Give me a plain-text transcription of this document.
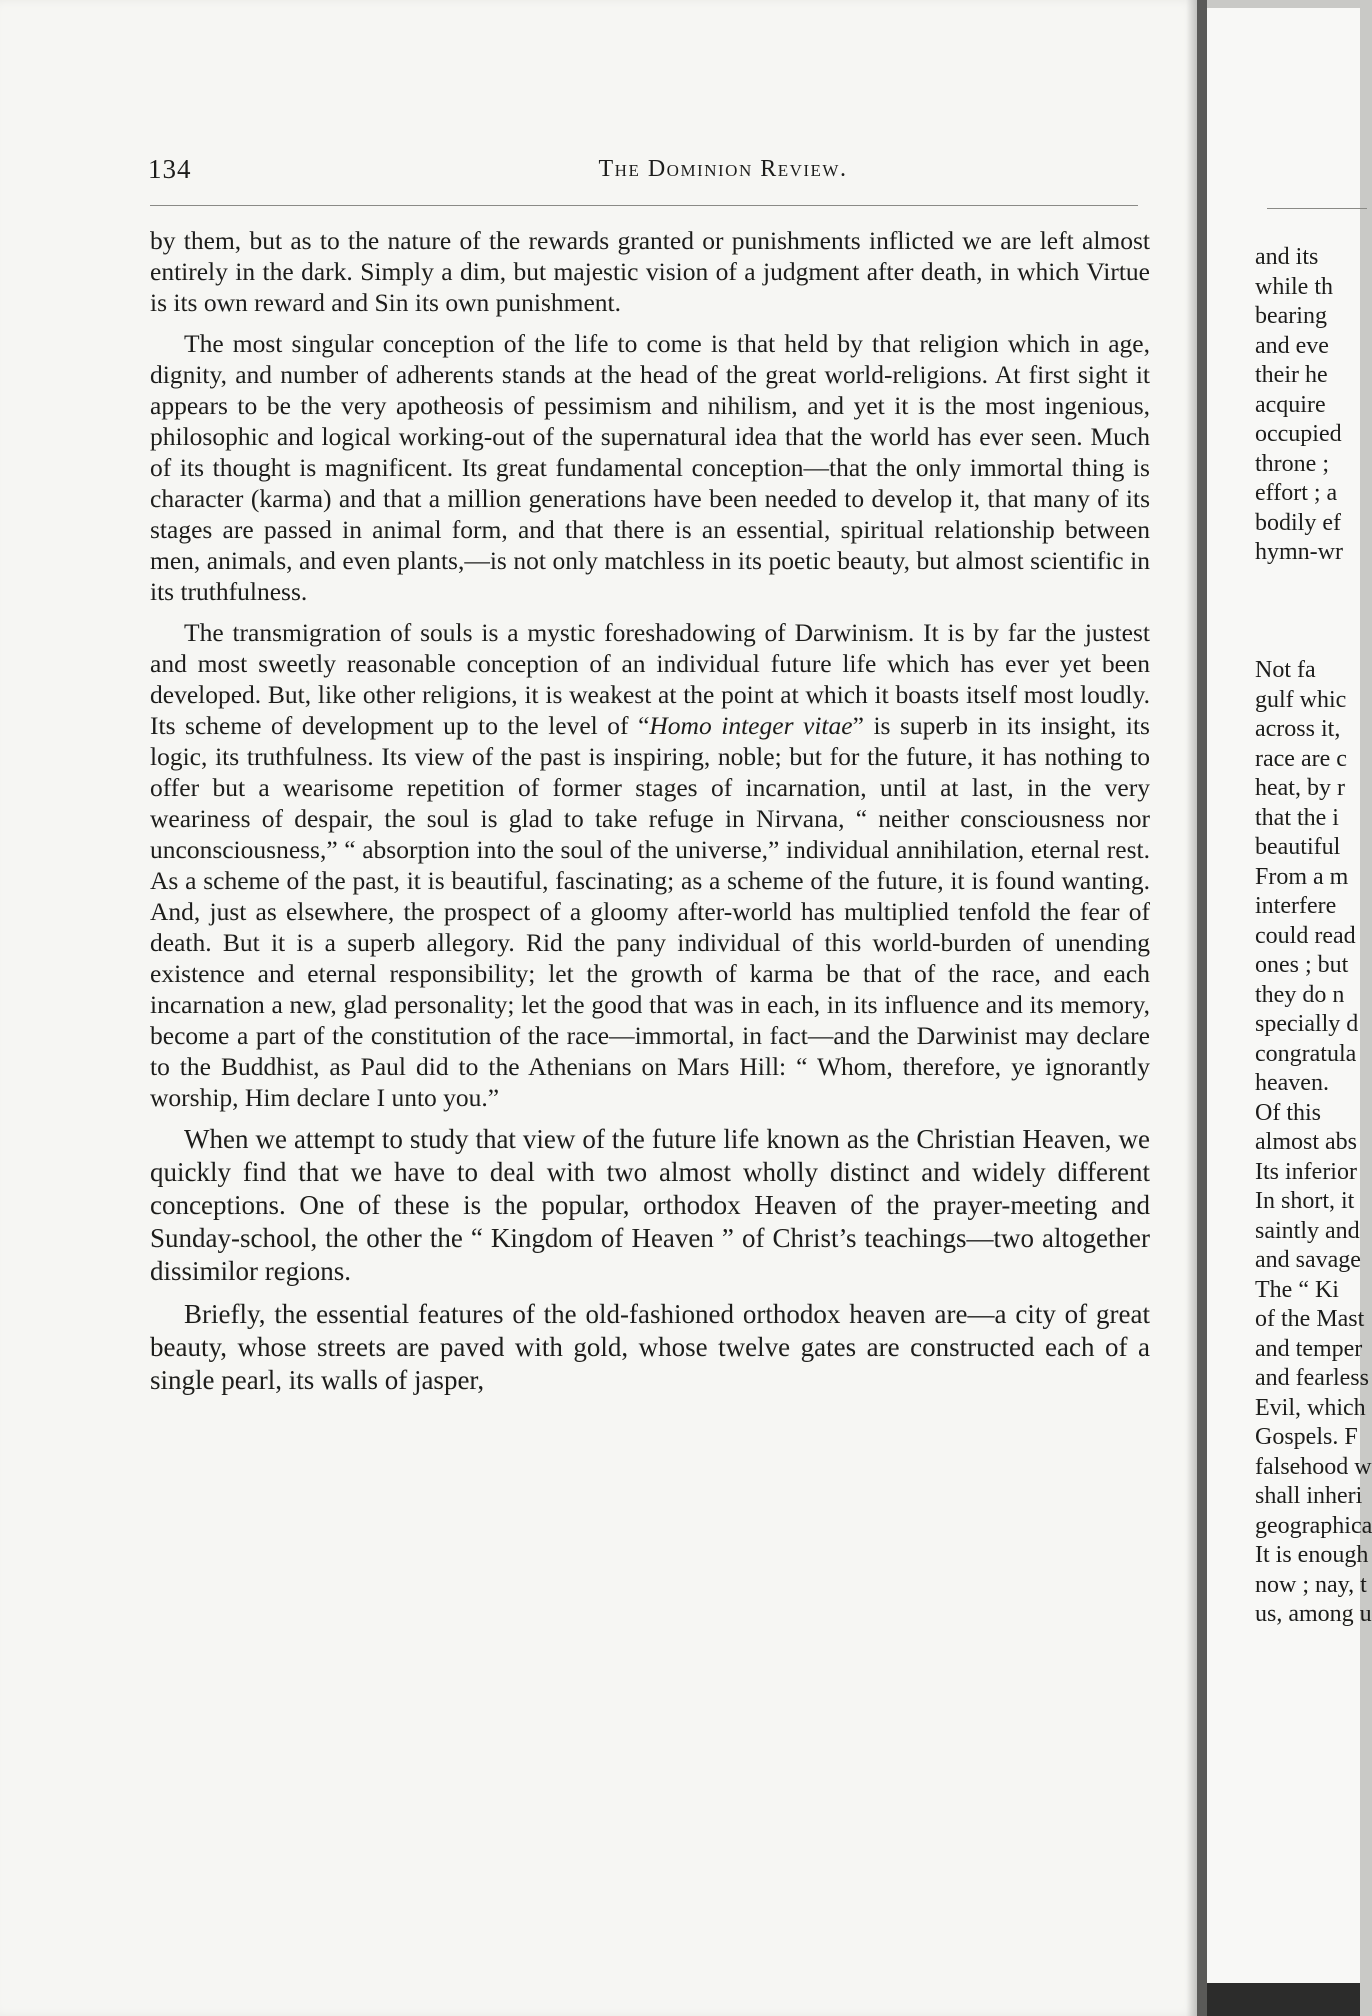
134	The Dominion Review.

by them, but as to the nature of the rewards granted or punishments inflicted we are left almost entirely in the dark. Simply a dim, but majestic vision of a judgment after death, in which Virtue is its own reward and Sin its own punishment.

The most singular conception of the life to come is that held by that religion which in age, dignity, and number of adherents stands at the head of the great world-religions. At first sight it appears to be the very apotheosis of pessimism and nihilism, and yet it is the most ingenious, philosophic and logical working-out of the supernatural idea that the world has ever seen. Much of its thought is magnificent. Its great fundamental conception—that the only immortal thing is character (karma) and that a million generations have been needed to develop it, that many of its stages are passed in animal form, and that there is an essential, spiritual relationship between men, animals, and even plants,—is not only matchless in its poetic beauty, but almost scientific in its truthfulness.

The transmigration of souls is a mystic foreshadowing of Darwinism. It is by far the justest and most sweetly reasonable conception of an individual future life which has ever yet been developed. But, like other religions, it is weakest at the point at which it boasts itself most loudly. Its scheme of development up to the level of “Homo integer vitae” is superb in its insight, its logic, its truthfulness. Its view of the past is inspiring, noble; but for the future, it has nothing to offer but a wearisome repetition of former stages of incarnation, until at last, in the very weariness of despair, the soul is glad to take refuge in Nirvana, “ neither consciousness nor unconsciousness,” “ absorption into the soul of the universe,” individual annihilation, eternal rest. As a scheme of the past, it is beautiful, fascinating; as a scheme of the future, it is found wanting. And, just as elsewhere, the prospect of a gloomy after-world has multiplied tenfold the fear of death. But it is a superb allegory. Rid the pany individual of this world-burden of unending existence and eternal responsibility; let the growth of karma be that of the race, and each incarnation a new, glad personality; let the good that was in each, in its influence and its memory, become a part of the constitution of the race—immortal, in fact—and the Darwinist may declare to the Buddhist, as Paul did to the Athenians on Mars Hill: “ Whom, therefore, ye ignorantly worship, Him declare I unto you.”

When we attempt to study that view of the future life known as the Christian Heaven, we quickly find that we have to deal with two almost wholly distinct and widely different conceptions. One of these is the popular, orthodox Heaven of the prayer-meeting and Sunday-school, the other the “ Kingdom of Heaven ” of Christ’s teachings—two altogether dissimilor regions.

Briefly, the essential features of the old-fashioned orthodox heaven are—a city of great beauty, whose streets are paved with gold, whose twelve gates are constructed each of a single pearl, its walls of jasper,

and its
while th
bearing
and eve
their he
acquire
occupied
throne ;
effort ; a
bodily ef
hymn-wr

Not fa
gulf whic
across it,
race are c
heat, by r
that the i
beautiful
From a m
interfere
could read
ones ; but
they do n
specially d
congratula
heaven.
Of this
almost abs
Its inferior
In short, it
saintly and
and savage
The “ Ki
of the Mast
and temper
and fearless
Evil, which
Gospels. F
falsehood w
shall inheri
geographica
It is enough
now ; nay, t
us, among u
